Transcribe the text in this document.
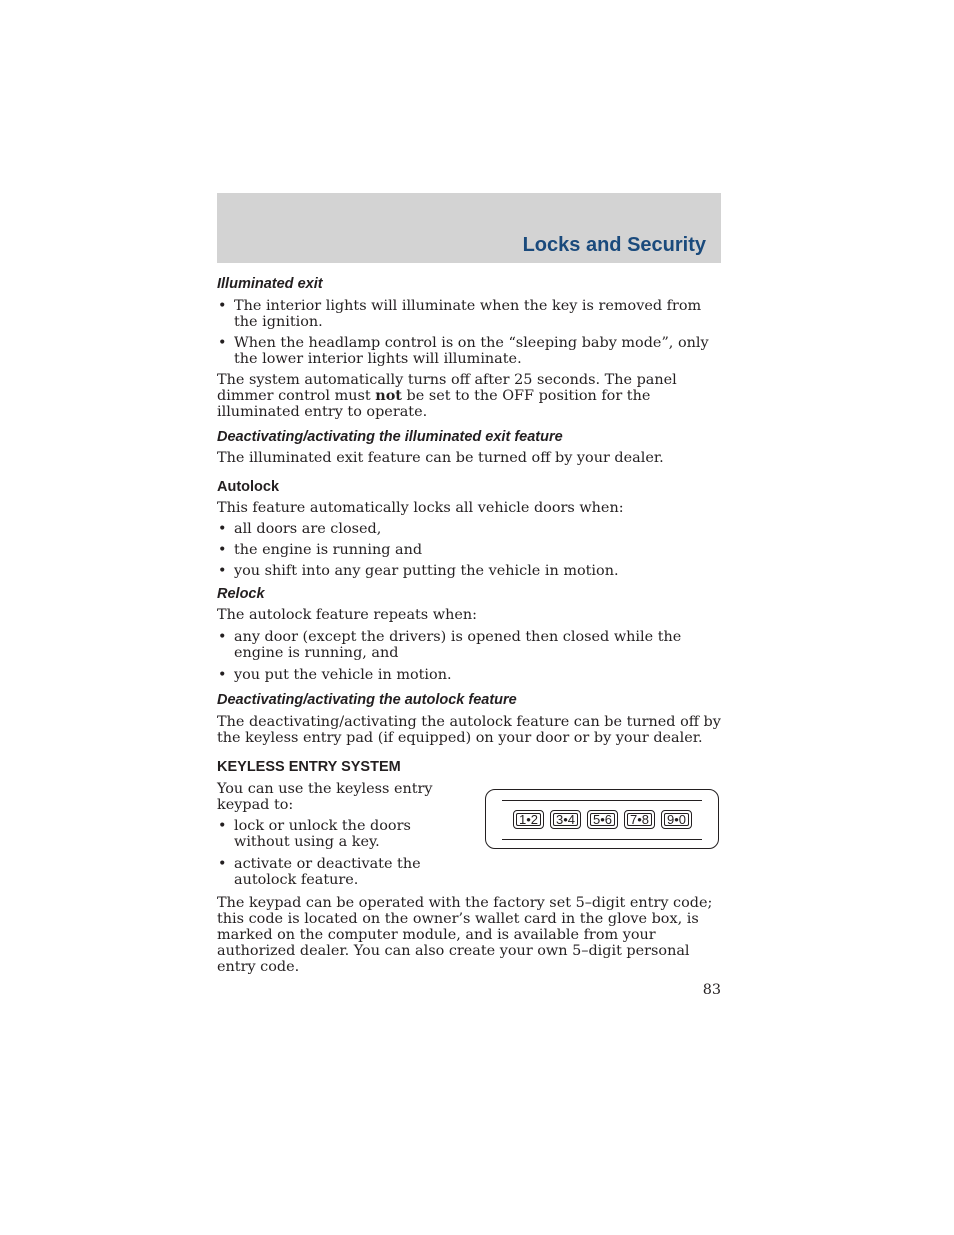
Locks and Security

Illuminated exit

• The interior lights will illuminate when the key is removed from the ignition.
• When the headlamp control is on the “sleeping baby mode”, only the lower interior lights will illuminate.

The system automatically turns off after 25 seconds. The panel dimmer control must not be set to the OFF position for the illuminated entry to operate.

Deactivating/activating the illuminated exit feature

The illuminated exit feature can be turned off by your dealer.

Autolock

This feature automatically locks all vehicle doors when:

• all doors are closed,
• the engine is running and
• you shift into any gear putting the vehicle in motion.

Relock

The autolock feature repeats when:

• any door (except the drivers) is opened then closed while the engine is running, and
• you put the vehicle in motion.

Deactivating/activating the autolock feature

The deactivating/activating the autolock feature can be turned off by the keyless entry pad (if equipped) on your door or by your dealer.

KEYLESS ENTRY SYSTEM

You can use the keyless entry keypad to:

• lock or unlock the doors without using a key.
• activate or deactivate the autolock feature.

The keypad can be operated with the factory set 5–digit entry code; this code is located on the owner’s wallet card in the glove box, is marked on the computer module, and is available from your authorized dealer. You can also create your own 5–digit personal entry code.

1•2	3•4	5•6	7•8	9•0
83
